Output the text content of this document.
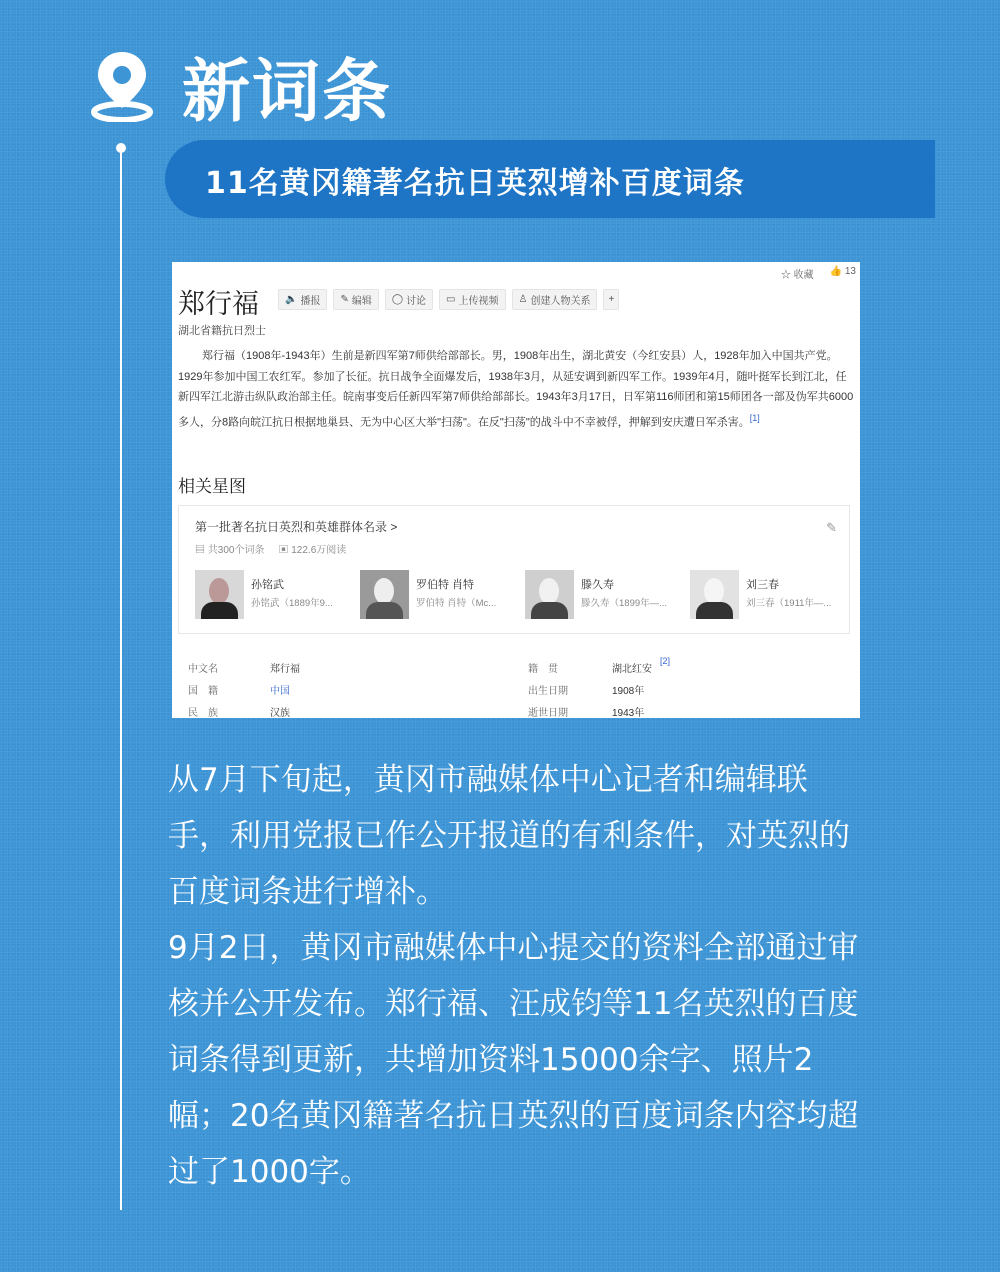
新词条
11名黄冈籍著名抗日英烈增补百度词条
☆ 收藏 👍 13
郑行福	🔈 播报 ✎ 编辑 ◯ 讨论 ▭ 上传视频 ♙ 创建人物关系	+
湖北省籍抗日烈士
郑行福（1908年-1943年）生前是新四军第7师供给部部长。男，1908年出生，湖北黄安（今红安县）人，1928年加入中国共产党。1929年参加中国工农红军。参加了长征。抗日战争全面爆发后，1938年3月，从延安调到新四军工作。1939年4月，随叶挺军长到江北，任新四军江北游击纵队政治部主任。皖南事变后任新四军第7师供给部部长。1943年3月17日，日军第116师团和第15师团各一部及伪军共6000多人，分8路向皖江抗日根据地巢县、无为中心区大举"扫荡"。在反"扫荡"的战斗中不幸被俘，押解到安庆遭日军杀害。[1]
相关星图
第一批著名抗日英烈和英雄群体名录 >
▤ 共300个词条 ▣ 122.6万阅读
✎
孙铭武
孙铭武（1889年9...
罗伯特 肖特
罗伯特 肖特（Mc...
滕久寿
滕久寿（1899年—...
刘三春
刘三春（1911年—...
中文名	郑行福	籍　贯	湖北红安
[2]
国　籍	中国	出生日期	1908年
民　族	汉族	逝世日期	1943年

从7月下旬起，黄冈市融媒体中心记者和编辑联手，利用党报已作公开报道的有利条件，对英烈的百度词条进行增补。

9月2日，黄冈市融媒体中心提交的资料全部通过审核并公开发布。郑行福、汪成钧等11名英烈的百度词条得到更新，共增加资料15000余字、照片2幅；20名黄冈籍著名抗日英烈的百度词条内容均超过了1000字。
